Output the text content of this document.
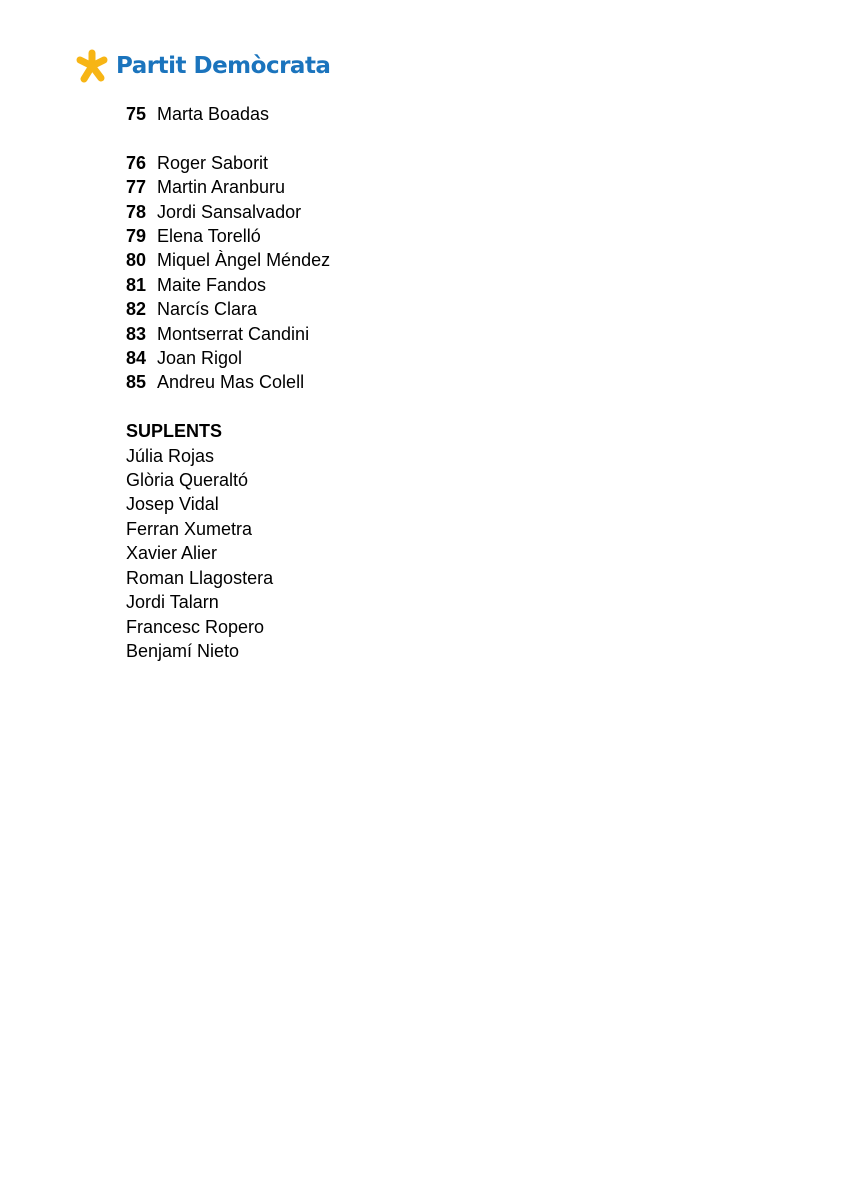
Partit Demòcrata
75 Marta Boadas
76 Roger Saborit
77 Martin Aranburu
78 Jordi Sansalvador
79 Elena Torelló
80 Miquel Àngel Méndez
81 Maite Fandos
82 Narcís Clara
83 Montserrat Candini
84 Joan Rigol
85 Andreu Mas Colell
SUPLENTS
Júlia Rojas
Glòria Queraltó
Josep Vidal
Ferran Xumetra
Xavier Alier
Roman Llagostera
Jordi Talarn
Francesc Ropero
Benjamí Nieto
